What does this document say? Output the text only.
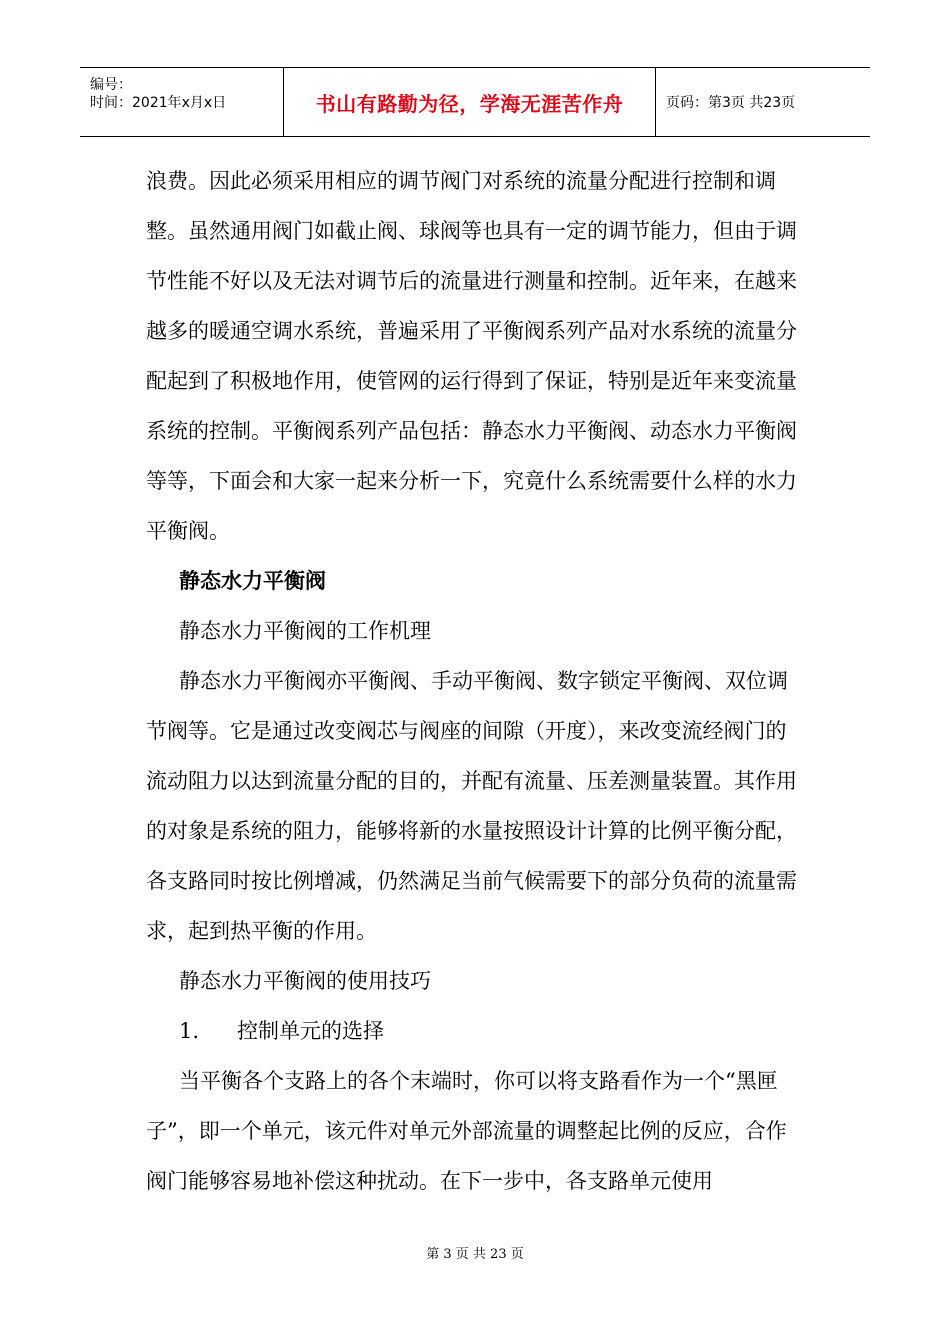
编号：
时间：2021年x月x日	书山有路勤为径，学海无涯苦作舟	页码：第3页 共23页

浪费。因此必须采用相应的调节阀门对系统的流量分配进行控制和调整。虽然通用阀门如截止阀、球阀等也具有一定的调节能力，但由于调节性能不好以及无法对调节后的流量进行测量和控制。近年来，在越来越多的暖通空调水系统，普遍采用了平衡阀系列产品对水系统的流量分配起到了积极地作用，使管网的运行得到了保证，特别是近年来变流量系统的控制。平衡阀系列产品包括：静态水力平衡阀、动态水力平衡阀等等，下面会和大家一起来分析一下，究竟什么系统需要什么样的水力平衡阀。

静态水力平衡阀

静态水力平衡阀的工作机理

静态水力平衡阀亦平衡阀、手动平衡阀、数字锁定平衡阀、双位调节阀等。它是通过改变阀芯与阀座的间隙（开度），来改变流经阀门的流动阻力以达到流量分配的目的，并配有流量、压差测量装置。其作用的对象是系统的阻力，能够将新的水量按照设计计算的比例平衡分配，各支路同时按比例增减，仍然满足当前气候需要下的部分负荷的流量需求，起到热平衡的作用。

静态水力平衡阀的使用技巧

1. 控制单元的选择

当平衡各个支路上的各个末端时，你可以将支路看作为一个“黑匣子”，即一个单元，该元件对单元外部流量的调整起比例的反应，合作阀门能够容易地补偿这种扰动。在下一步中，各支路单元使用

第 3 页 共 23 页
